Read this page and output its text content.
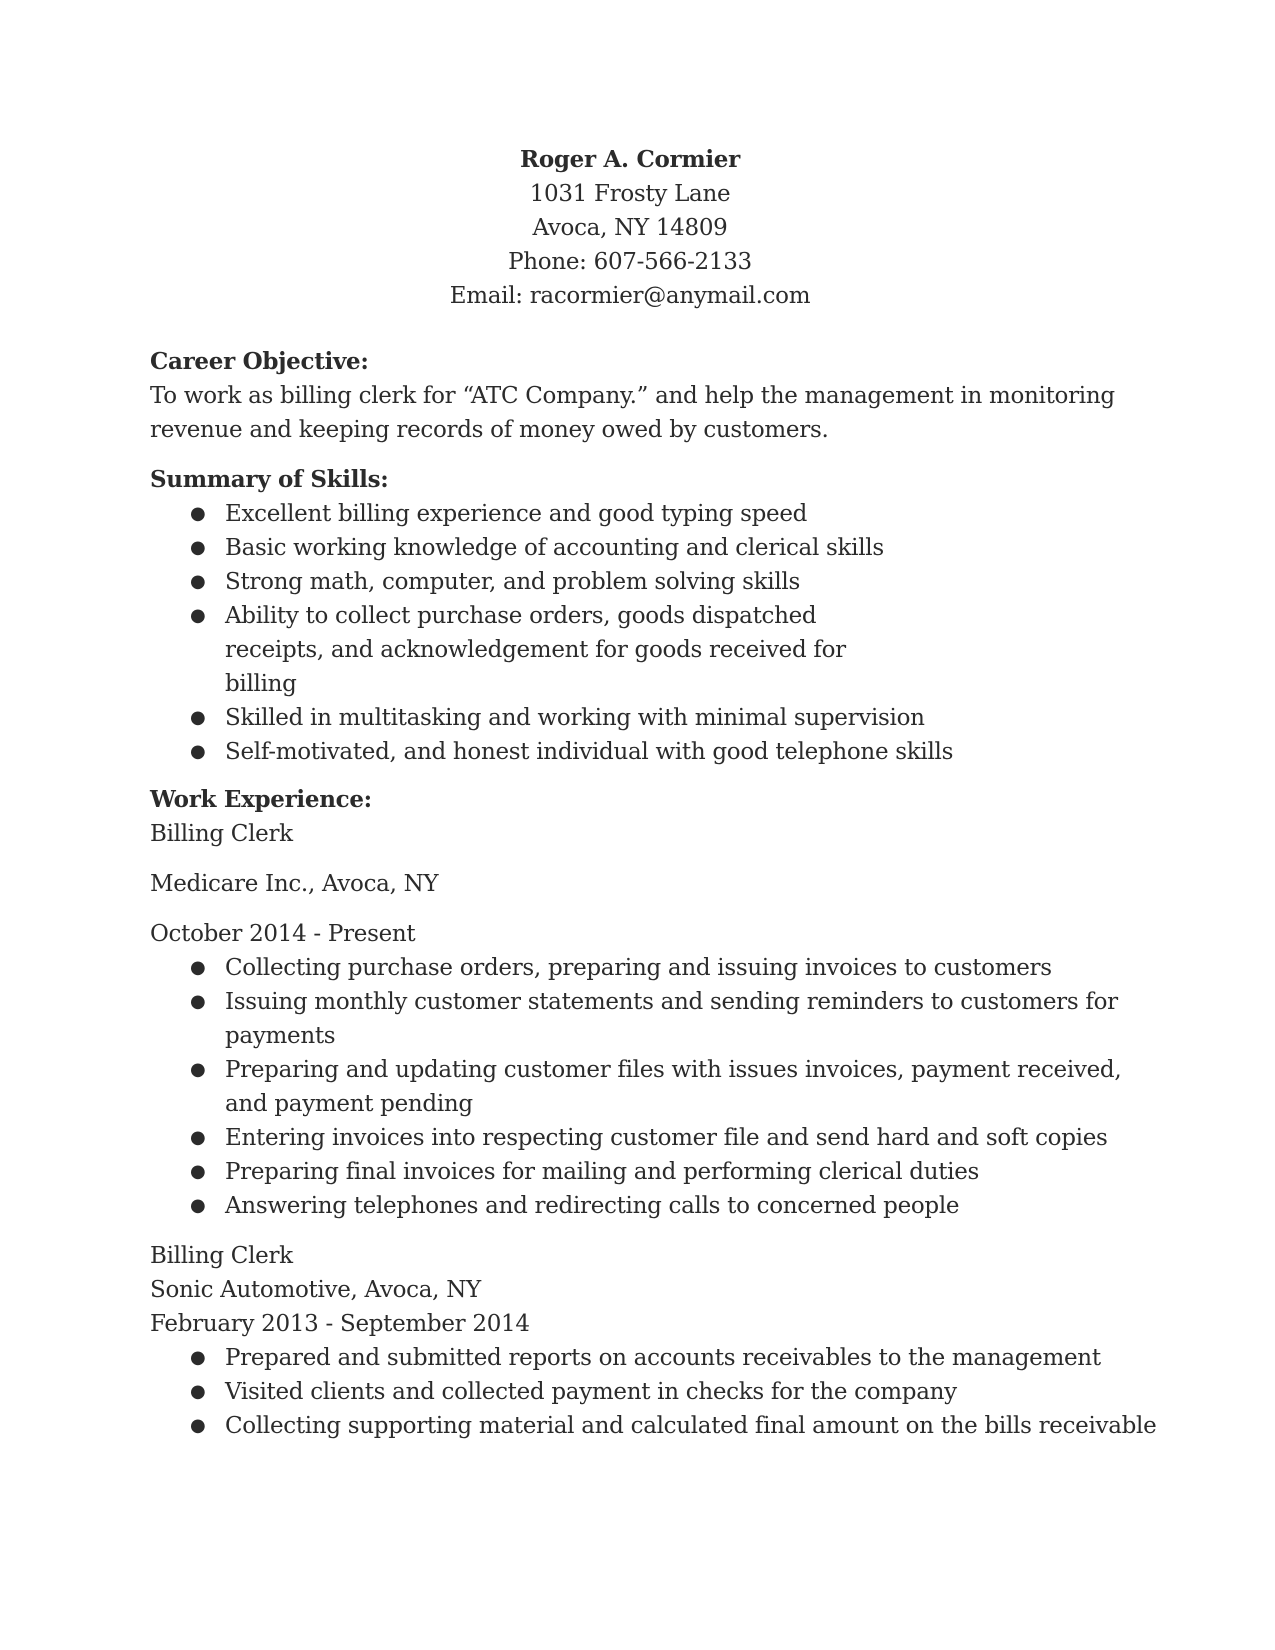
Roger A. Cormier
1031 Frosty Lane
Avoca, NY 14809
Phone: 607-566-2133
Email: racormier@anymail.com
Career Objective:

To work as billing clerk for “ATC Company.” and help the management in monitoring revenue and keeping records of money owed by customers.

Summary of Skills:
● Excellent billing experience and good typing speed
● Basic working knowledge of accounting and clerical skills
● Strong math, computer, and problem solving skills
● Ability to collect purchase orders, goods dispatched receipts, and acknowledgement for goods received for billing
● Skilled in multitasking and working with minimal supervision
● Self-motivated, and honest individual with good telephone skills
Work Experience:
Billing Clerk
Medicare Inc., Avoca, NY
October 2014 - Present
● Collecting purchase orders, preparing and issuing invoices to customers
● Issuing monthly customer statements and sending reminders to customers for payments
● Preparing and updating customer files with issues invoices, payment received, and payment pending
● Entering invoices into respecting customer file and send hard and soft copies
● Preparing final invoices for mailing and performing clerical duties
● Answering telephones and redirecting calls to concerned people
Billing Clerk
Sonic Automotive, Avoca, NY
February 2013 - September 2014
● Prepared and submitted reports on accounts receivables to the management
● Visited clients and collected payment in checks for the company
● Collecting supporting material and calculated final amount on the bills receivable
